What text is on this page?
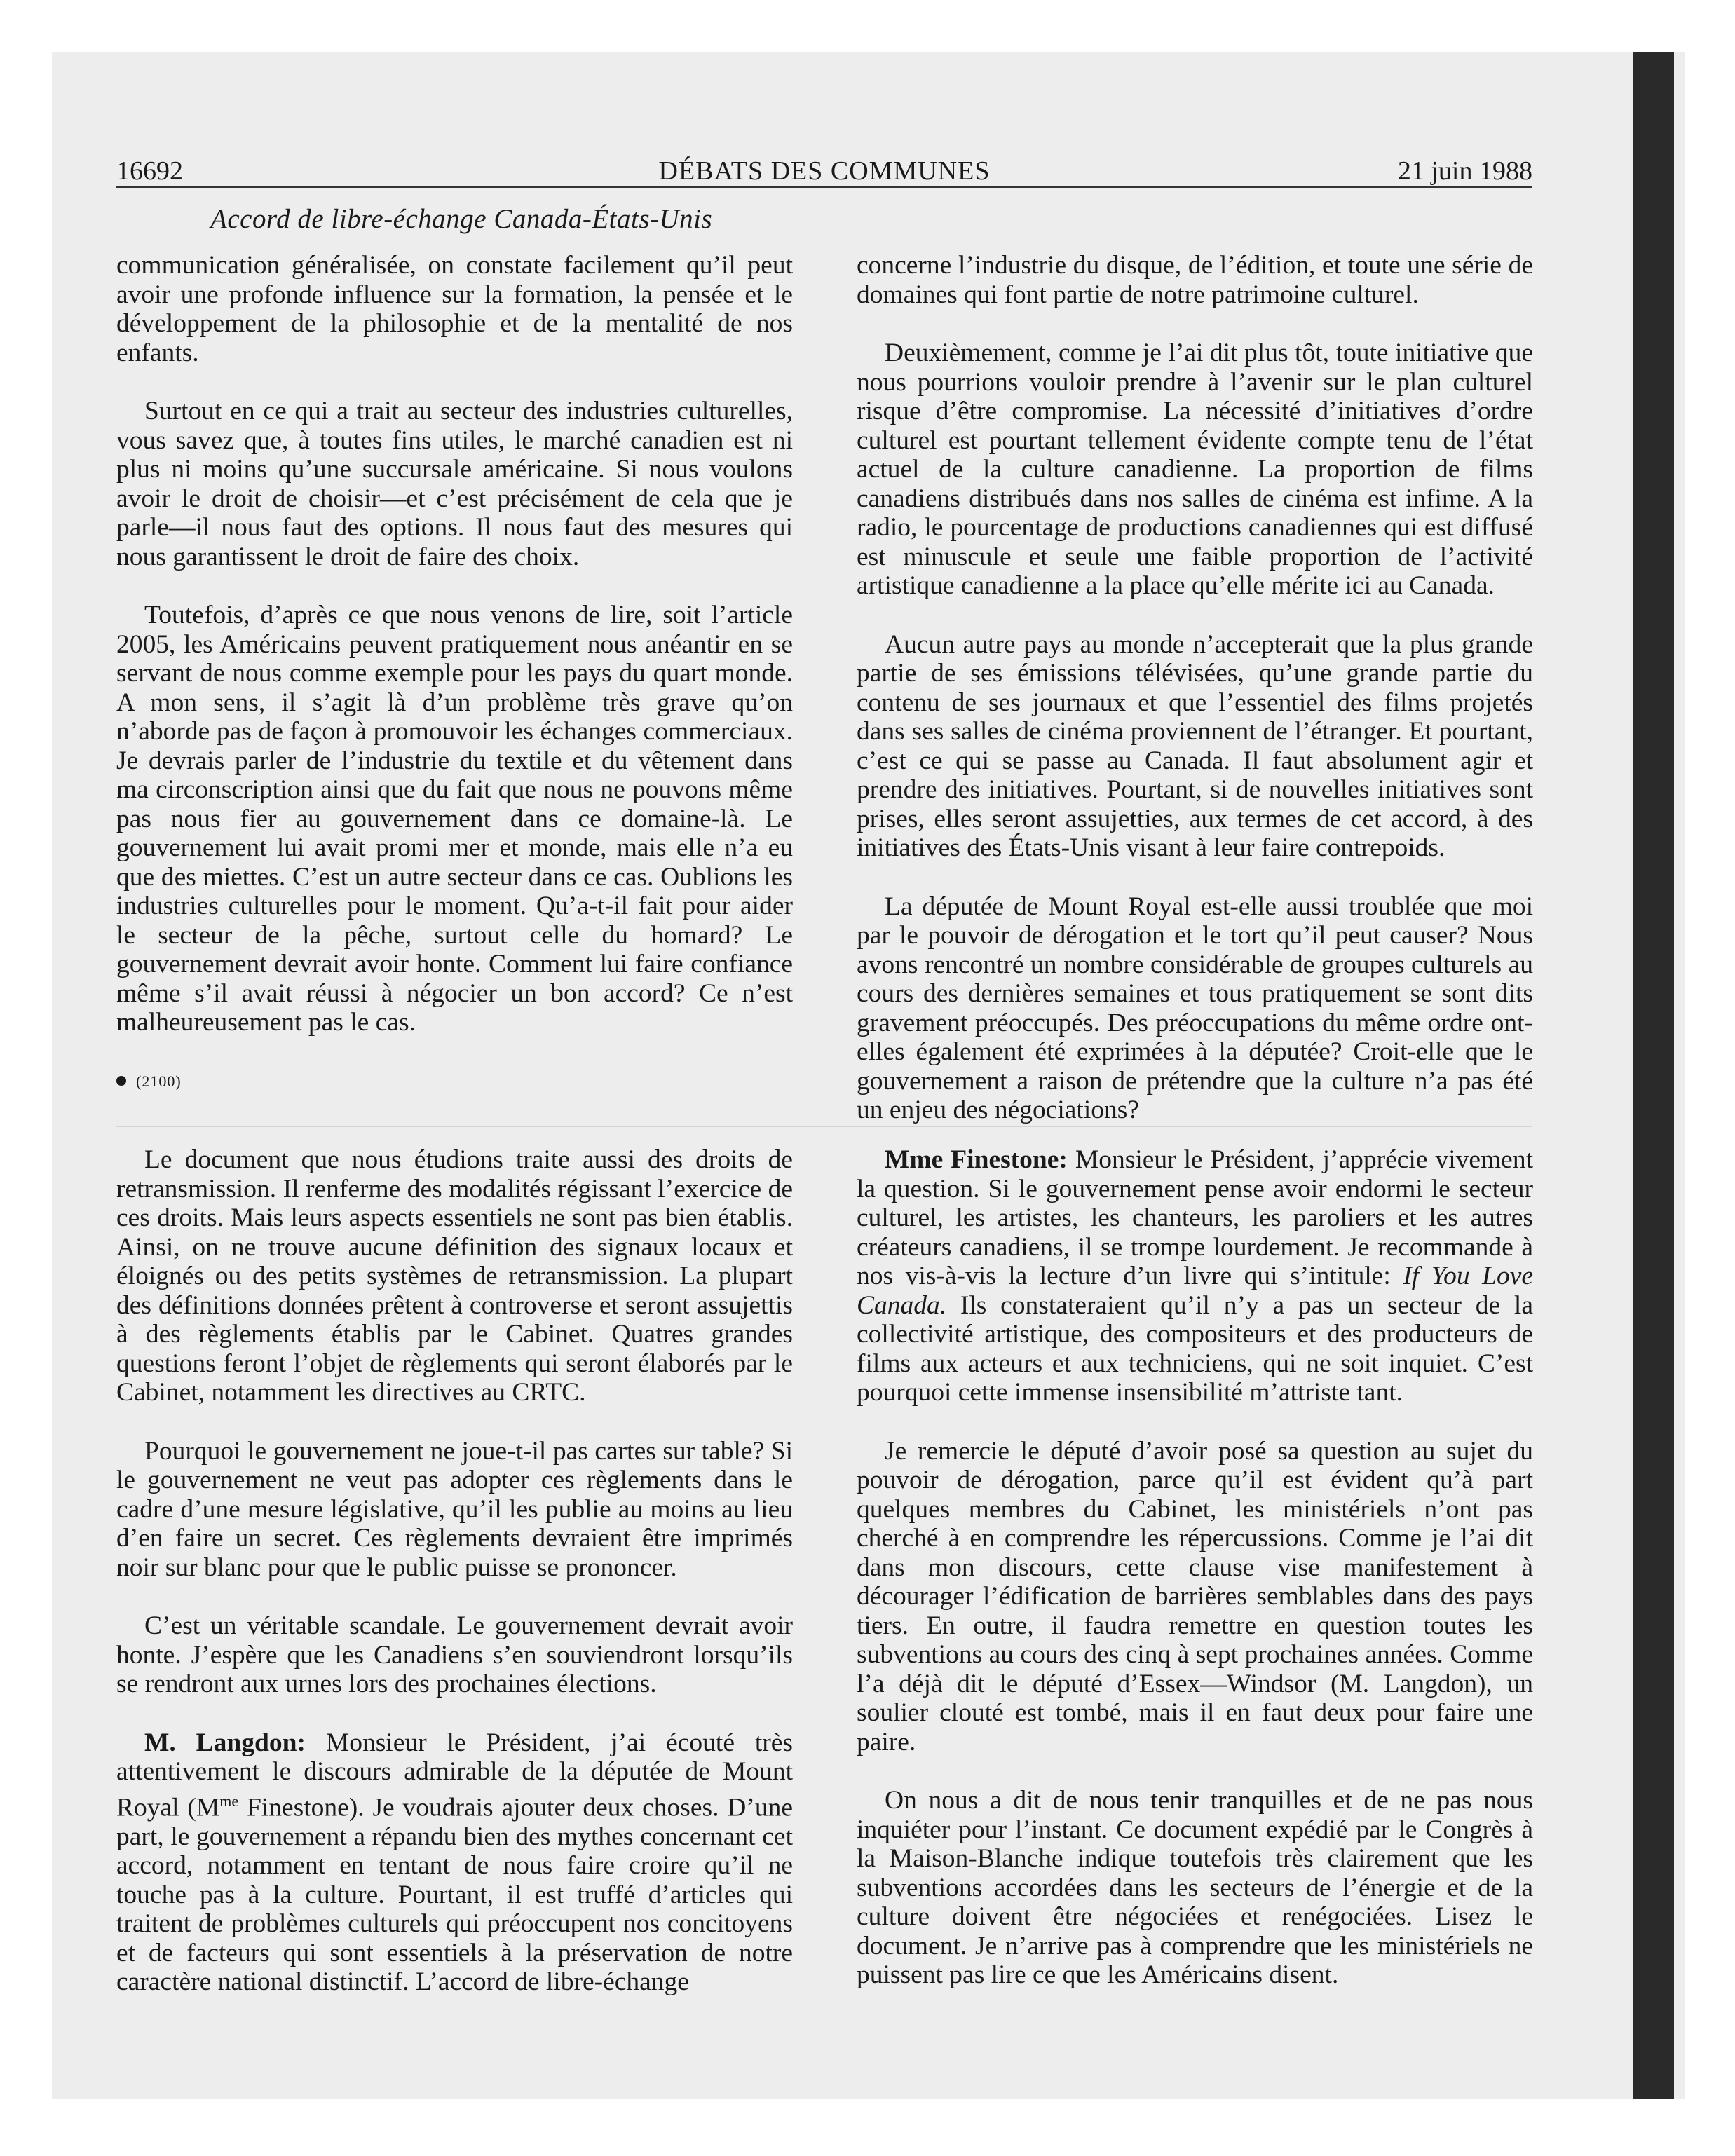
16692	DÉBATS DES COMMUNES	21 juin 1988
Accord de libre-échange Canada-États-Unis

communication généralisée, on constate facilement qu’il peut avoir une profonde influence sur la formation, la pensée et le développement de la philosophie et de la mentalité de nos enfants.

Surtout en ce qui a trait au secteur des industries culturelles, vous savez que, à toutes fins utiles, le marché canadien est ni plus ni moins qu’une succursale américaine. Si nous voulons avoir le droit de choisir—et c’est précisément de cela que je parle—il nous faut des options. Il nous faut des mesures qui nous garantissent le droit de faire des choix.

Toutefois, d’après ce que nous venons de lire, soit l’article 2005, les Américains peuvent pratiquement nous anéantir en se servant de nous comme exemple pour les pays du quart monde. A mon sens, il s’agit là d’un problème très grave qu’on n’aborde pas de façon à promouvoir les échanges commerciaux. Je devrais parler de l’industrie du textile et du vêtement dans ma circonscription ainsi que du fait que nous ne pouvons même pas nous fier au gouvernement dans ce domaine-là. Le gouvernement lui avait promi mer et monde, mais elle n’a eu que des miettes. C’est un autre secteur dans ce cas. Oublions les industries culturelles pour le moment. Qu’a-t-il fait pour aider le secteur de la pêche, surtout celle du homard? Le gouvernement devrait avoir honte. Comment lui faire confiance même s’il avait réussi à négocier un bon accord? Ce n’est malheureusement pas le cas.

(2100)

concerne l’industrie du disque, de l’édition, et toute une série de domaines qui font partie de notre patrimoine culturel.

Deuxièmement, comme je l’ai dit plus tôt, toute initiative que nous pourrions vouloir prendre à l’avenir sur le plan culturel risque d’être compromise. La nécessité d’initiatives d’ordre culturel est pourtant tellement évidente compte tenu de l’état actuel de la culture canadienne. La proportion de films canadiens distribués dans nos salles de cinéma est infime. A la radio, le pourcentage de productions canadiennes qui est diffusé est minuscule et seule une faible proportion de l’activité artistique canadienne a la place qu’elle mérite ici au Canada.

Aucun autre pays au monde n’accepterait que la plus grande partie de ses émissions télévisées, qu’une grande partie du contenu de ses journaux et que l’essentiel des films projetés dans ses salles de cinéma proviennent de l’étranger. Et pourtant, c’est ce qui se passe au Canada. Il faut absolument agir et prendre des initiatives. Pourtant, si de nouvelles initiatives sont prises, elles seront assujetties, aux termes de cet accord, à des initiatives des États-Unis visant à leur faire contrepoids.

La députée de Mount Royal est-elle aussi troublée que moi par le pouvoir de dérogation et le tort qu’il peut causer? Nous avons rencontré un nombre considérable de groupes culturels au cours des dernières semaines et tous pratiquement se sont dits gravement préoccupés. Des préoccupations du même ordre ont-elles également été exprimées à la députée? Croit-elle que le gouvernement a raison de prétendre que la culture n’a pas été un enjeu des négociations?

Le document que nous étudions traite aussi des droits de retransmission. Il renferme des modalités régissant l’exercice de ces droits. Mais leurs aspects essentiels ne sont pas bien établis. Ainsi, on ne trouve aucune définition des signaux locaux et éloignés ou des petits systèmes de retransmission. La plupart des définitions données prêtent à controverse et seront assujettis à des règlements établis par le Cabinet. Quatres grandes questions feront l’objet de règlements qui seront élaborés par le Cabinet, notamment les directives au CRTC.

Pourquoi le gouvernement ne joue-t-il pas cartes sur table? Si le gouvernement ne veut pas adopter ces règlements dans le cadre d’une mesure législative, qu’il les publie au moins au lieu d’en faire un secret. Ces règlements devraient être imprimés noir sur blanc pour que le public puisse se prononcer.

C’est un véritable scandale. Le gouvernement devrait avoir honte. J’espère que les Canadiens s’en souviendront lorsqu’ils se rendront aux urnes lors des prochaines élections.

M. Langdon: Monsieur le Président, j’ai écouté très attentivement le discours admirable de la députée de Mount Royal ($M^{me}$ Finestone). Je voudrais ajouter deux choses. D’une part, le gouvernement a répandu bien des mythes concernant cet accord, notamment en tentant de nous faire croire qu’il ne touche pas à la culture. Pourtant, il est truffé d’articles qui traitent de problèmes culturels qui préoccupent nos concitoyens et de facteurs qui sont essentiels à la préservation de notre caractère national distinctif. L’accord de libre-échange

Mme Finestone: Monsieur le Président, j’apprécie vivement la question. Si le gouvernement pense avoir endormi le secteur culturel, les artistes, les chanteurs, les paroliers et les autres créateurs canadiens, il se trompe lourdement. Je recommande à nos vis-à-vis la lecture d’un livre qui s’intitule: If You Love Canada. Ils constateraient qu’il n’y a pas un secteur de la collectivité artistique, des compositeurs et des producteurs de films aux acteurs et aux techniciens, qui ne soit inquiet. C’est pourquoi cette immense insensibilité m’attriste tant.

Je remercie le député d’avoir posé sa question au sujet du pouvoir de dérogation, parce qu’il est évident qu’à part quelques membres du Cabinet, les ministériels n’ont pas cherché à en comprendre les répercussions. Comme je l’ai dit dans mon discours, cette clause vise manifestement à décourager l’édification de barrières semblables dans des pays tiers. En outre, il faudra remettre en question toutes les subventions au cours des cinq à sept prochaines années. Comme l’a déjà dit le député d’Essex—Windsor (M. Langdon), un soulier clouté est tombé, mais il en faut deux pour faire une paire.

On nous a dit de nous tenir tranquilles et de ne pas nous inquiéter pour l’instant. Ce document expédié par le Congrès à la Maison-Blanche indique toutefois très clairement que les subventions accordées dans les secteurs de l’énergie et de la culture doivent être négociées et renégociées. Lisez le document. Je n’arrive pas à comprendre que les ministériels ne puissent pas lire ce que les Américains disent.
